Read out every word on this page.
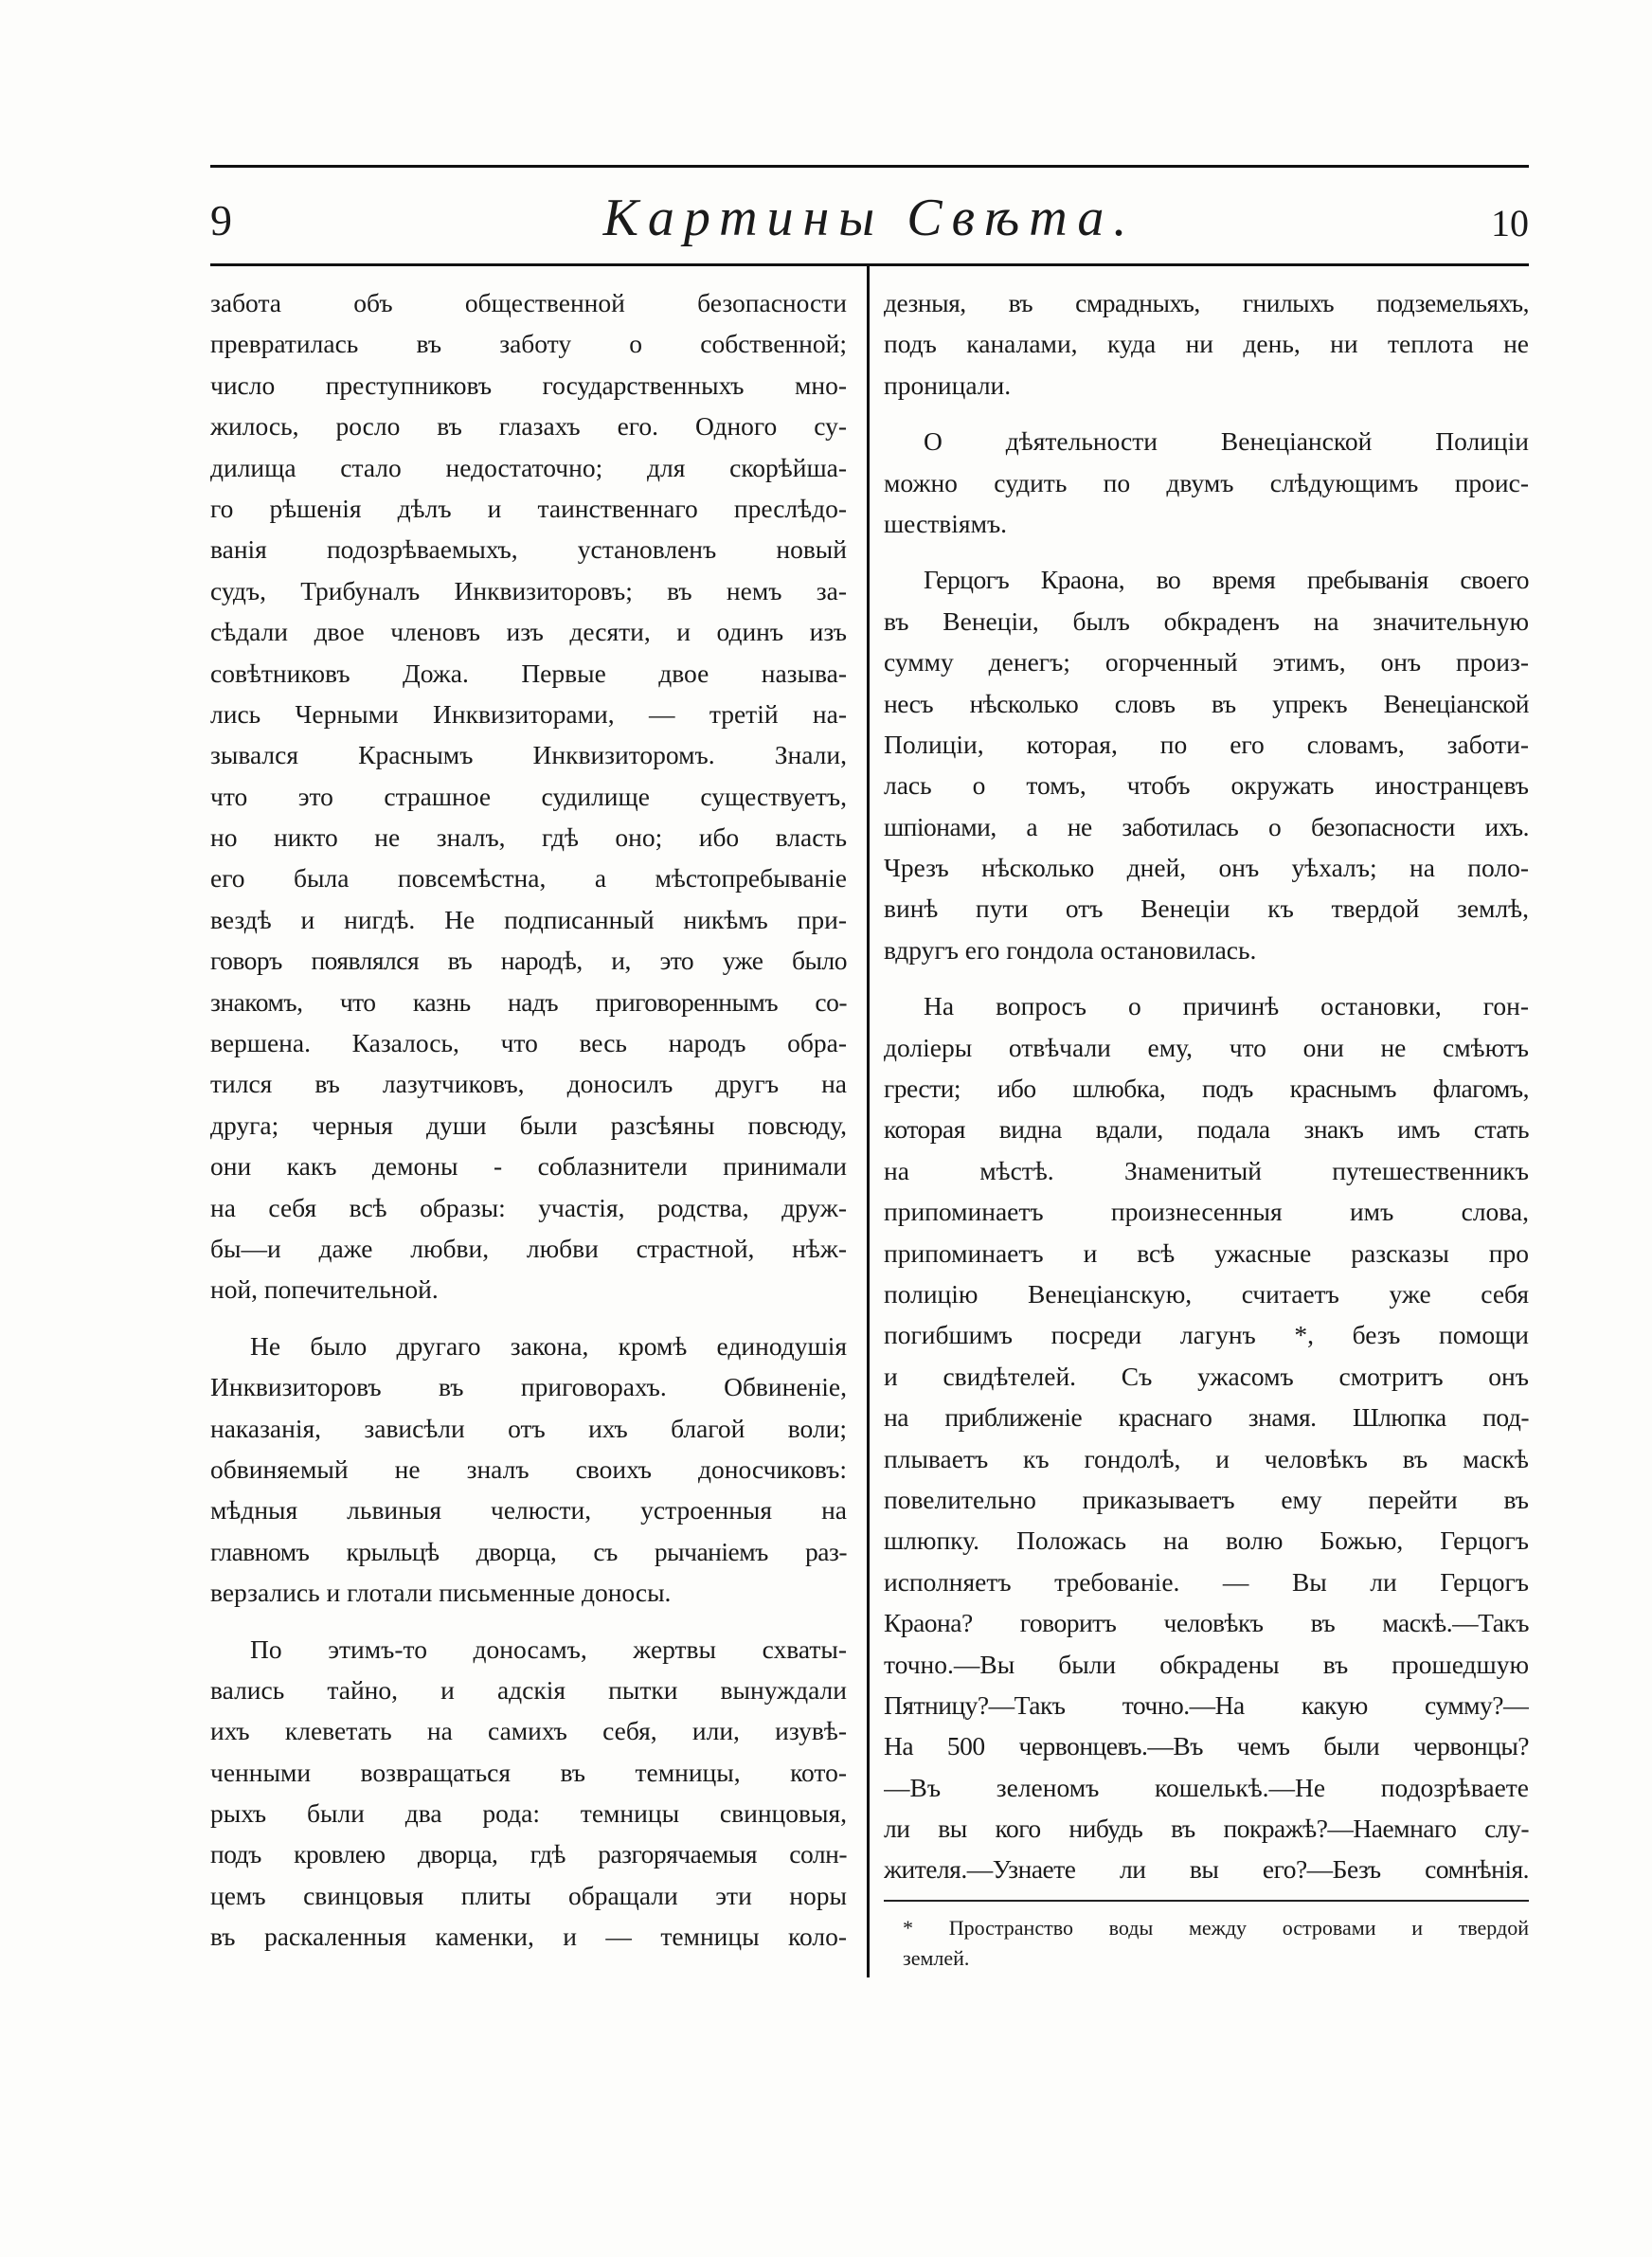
9	Картины Свѣта.	10
забота объ общественной безопасности
превратилась въ заботу о собственной;
число преступниковъ государственныхъ мно-
жилось, росло въ глазахъ его. Одного су-
дилища стало недостаточно; для скорѣйша-
го рѣшенія дѣлъ и таинственнаго преслѣдо-
ванія подозрѣваемыхъ, установленъ новый
судъ, Трибуналъ Инквизиторовъ; въ немъ за-
сѣдали двое членовъ изъ десяти, и одинъ изъ
совѣтниковъ Дожа. Первые двое называ-
лись Черными Инквизиторами, — третій на-
зывался Краснымъ Инквизиторомъ. Знали,
что это страшное судилище существуетъ,
но никто не зналъ, гдѣ оно; ибо власть
его была повсемѣстна, а мѣстопребываніе
вездѣ и нигдѣ. Не подписанный никѣмъ при-
говоръ появлялся въ народѣ, и, это уже было
знакомъ, что казнь надъ приговореннымъ со-
вершена. Казалось, что весь народъ обра-
тился въ лазутчиковъ, доносилъ другъ на
друга; черныя души были разсѣяны повсюду,
они какъ демоны - соблазнители принимали
на себя всѣ образы: участія, родства, друж-
бы—и даже любви, любви страстной, нѣж-
ной, попечительной.
Не было другаго закона, кромѣ единодушія
Инквизиторовъ въ приговорахъ. Обвиненіе,
наказанія, зависѣли отъ ихъ благой воли;
обвиняемый не зналъ своихъ доносчиковъ:
мѣдныя львиныя челюсти, устроенныя на
главномъ крыльцѣ дворца, съ рычаніемъ раз-
верзались и глотали письменные доносы.
По этимъ-то доносамъ, жертвы схваты-
вались тайно, и адскія пытки вынуждали
ихъ клеветать на самихъ себя, или, изувѣ-
ченными возвращаться въ темницы, кото-
рыхъ были два рода: темницы свинцовыя,
подъ кровлею дворца, гдѣ разгорячаемыя солн-
цемъ свинцовыя плиты обращали эти норы
въ раскаленныя каменки, и — темницы коло-
дезныя, въ смрадныхъ, гнилыхъ подземельяхъ,
подъ каналами, куда ни день, ни теплота не
проницали.
О дѣятельности Венеціанской Полиціи
можно судить по двумъ слѣдующимъ проис-
шествіямъ.
Герцогъ Краона, во время пребыванія своего
въ Венеціи, былъ обкраденъ на значительную
сумму денегъ; огорченный этимъ, онъ произ-
несъ нѣсколько словъ въ упрекъ Венеціанской
Полиціи, которая, по его словамъ, заботи-
лась о томъ, чтобъ окружать иностранцевъ
шпіонами, а не заботилась о безопасности ихъ.
Чрезъ нѣсколько дней, онъ уѣхалъ; на поло-
винѣ пути отъ Венеціи къ твердой землѣ,
вдругъ его гондола остановилась.
На вопросъ о причинѣ остановки, гон-
доліеры отвѣчали ему, что они не смѣютъ
грести; ибо шлюбка, подъ краснымъ флагомъ,
которая видна вдали, подала знакъ имъ стать
на мѣстѣ. Знаменитый путешественникъ
припоминаетъ произнесенныя имъ слова,
припоминаетъ и всѣ ужасные разсказы про
полицію Венеціанскую, считаетъ уже себя
погибшимъ посреди лагунъ *, безъ помощи
и свидѣтелей. Съ ужасомъ смотритъ онъ
на приближеніе краснаго знамя. Шлюпка под-
плываетъ къ гондолѣ, и человѣкъ въ маскѣ
повелительно приказываетъ ему перейти въ
шлюпку. Положась на волю Божью, Герцогъ
исполняетъ требованіе. — Вы ли Герцогъ
Краона? говоритъ человѣкъ въ маскѣ.—Такъ
точно.—Вы были обкрадены въ прошедшую
Пятницу?—Такъ точно.—На какую сумму?—
На 500 червонцевъ.—Въ чемъ были червонцы?
—Въ зеленомъ кошелькѣ.—Не подозрѣваете
ли вы кого нибудь въ покражѣ?—Наемнаго слу-
жителя.—Узнаете ли вы его?—Безъ сомнѣнія.
* Пространство воды между островами и твердой
землей.
